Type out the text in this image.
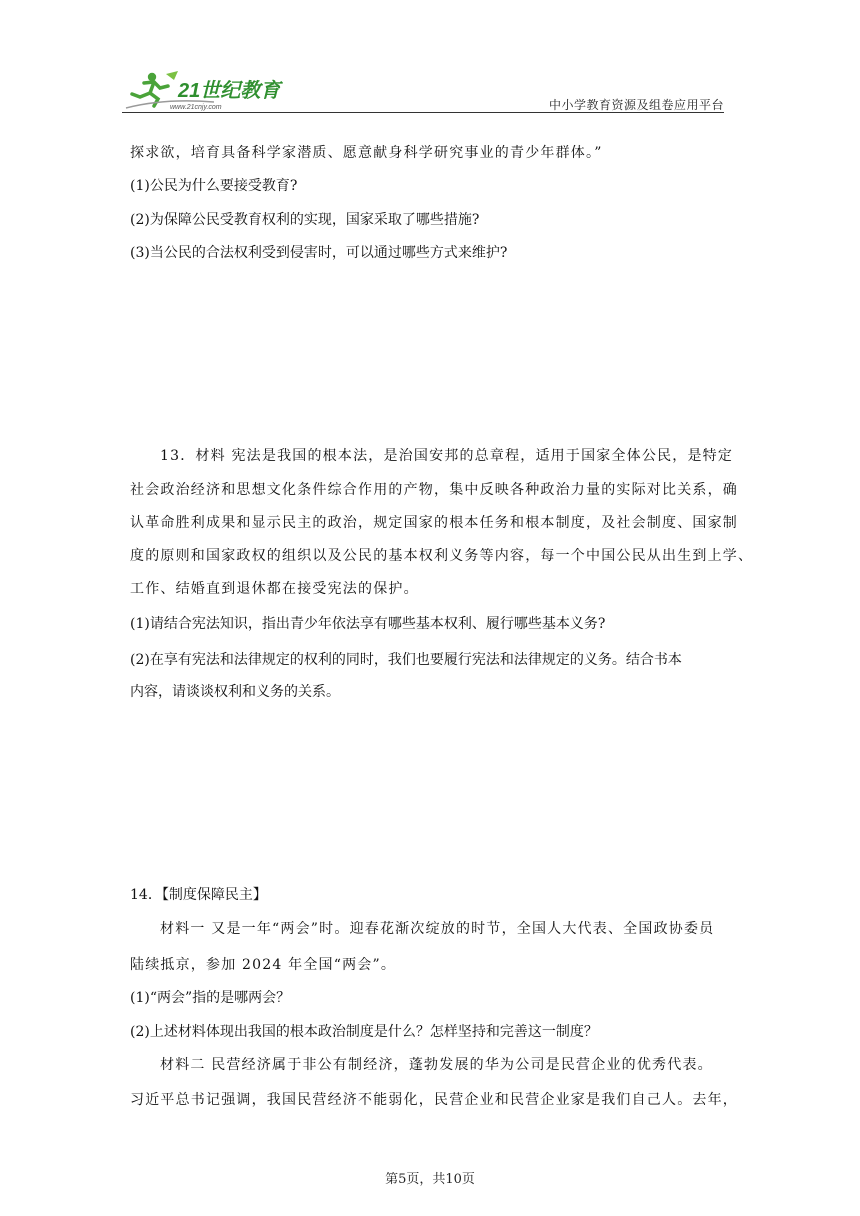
21世纪教育
www.21cnjy.com	中小学教育资源及组卷应用平台
探求欲，培育具备科学家潜质、愿意献身科学研究事业的青少年群体。”
(1)公民为什么要接受教育?
(2)为保障公民受教育权利的实现，国家采取了哪些措施?
(3)当公民的合法权利受到侵害时，可以通过哪些方式来维护?
13．材料 宪法是我国的根本法，是治国安邦的总章程，适用于国家全体公民，是特定
社会政治经济和思想文化条件综合作用的产物，集中反映各种政治力量的实际对比关系，确
认革命胜利成果和显示民主的政治，规定国家的根本任务和根本制度，及社会制度、国家制
度的原则和国家政权的组织以及公民的基本权利义务等内容，每一个中国公民从出生到上学、
工作、结婚直到退休都在接受宪法的保护。
(1)请结合宪法知识，指出青少年依法享有哪些基本权利、履行哪些基本义务?
(2)在享有宪法和法律规定的权利的同时，我们也要履行宪法和法律规定的义务。结合书本
内容，请谈谈权利和义务的关系。
14．【制度保障民主】
材料一 又是一年“两会”时。迎春花渐次绽放的时节，全国人大代表、全国政协委员
陆续抵京，参加 2024 年全国“两会”。
(1)“两会”指的是哪两会？
(2)上述材料体现出我国的根本政治制度是什么？怎样坚持和完善这一制度？
材料二 民营经济属于非公有制经济，蓬勃发展的华为公司是民营企业的优秀代表。
习近平总书记强调，我国民营经济不能弱化，民营企业和民营企业家是我们自己人。去年，
第5页，共10页
